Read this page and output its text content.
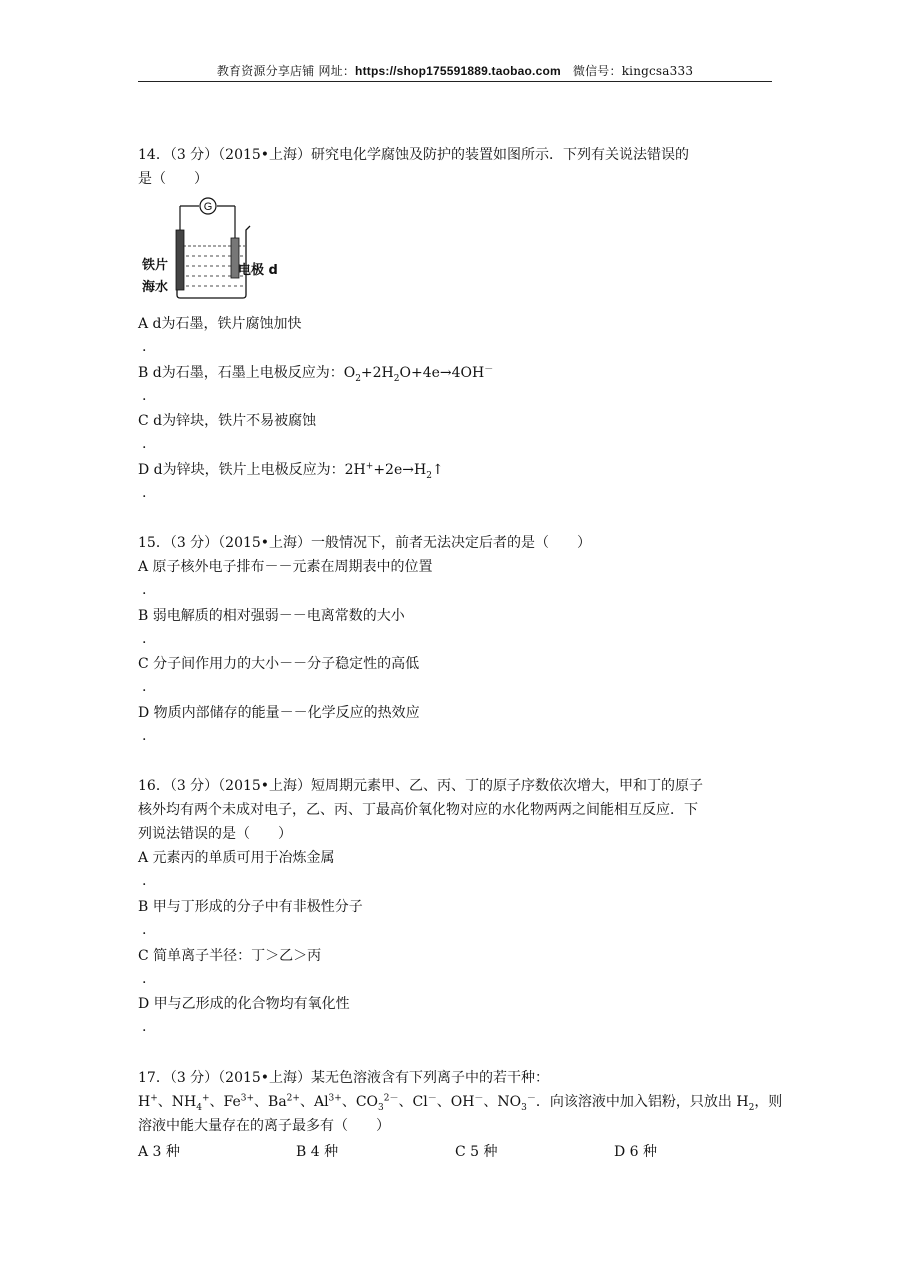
教育资源分享店铺 网址：https://shop175591889.taobao.com 微信号：kingcsa333
14．（3 分）（2015•上海）研究电化学腐蚀及防护的装置如图所示．下列有关说法错误的
是（　　）
G
铁片
海水
电极 d
A d为石墨，铁片腐蚀加快
.
B d为石墨，石墨上电极反应为：$O_2+2H_2O+4e\to 4OH^-$
.
C d为锌块，铁片不易被腐蚀
.
D d为锌块，铁片上电极反应为：$2H^++2e\to H_2↑$
.
15．（3 分）（2015•上海）一般情况下，前者无法决定后者的是（　　）
A 原子核外电子排布－－元素在周期表中的位置
.
B 弱电解质的相对强弱－－电离常数的大小
.
C 分子间作用力的大小－－分子稳定性的高低
.
D 物质内部储存的能量－－化学反应的热效应
.
16．（3 分）（2015•上海）短周期元素甲、乙、丙、丁的原子序数依次增大，甲和丁的原子
核外均有两个未成对电子，乙、丙、丁最高价氧化物对应的水化物两两之间能相互反应．下
列说法错误的是（　　）
A 元素丙的单质可用于冶炼金属
.
B 甲与丁形成的分子中有非极性分子
.
C 简单离子半径：丁＞乙＞丙
.
D 甲与乙形成的化合物均有氧化性
.
17．（3 分）（2015•上海）某无色溶液含有下列离子中的若干种：
H+、$NH_4^+$、$Fe^{3+}$、$Ba^{2+}$、$Al^{3+}$、$CO_3^{2-}$、Cl－、OH－、$NO_3^-$．向该溶液中加入铝粉，只放出 $H_2$，则
溶液中能大量存在的离子最多有（　　）
A 3 种	B 4 种	C 5 种	D 6 种
